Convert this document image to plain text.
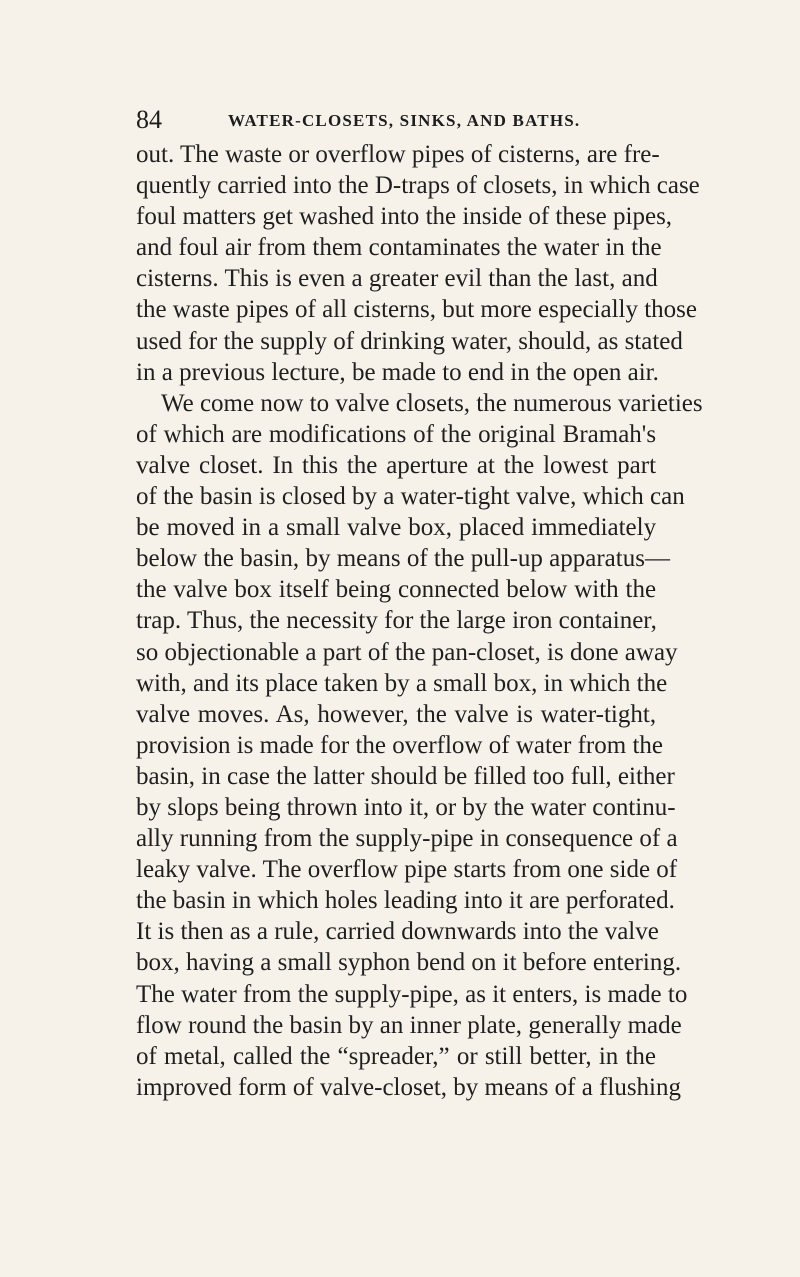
84	WATER-CLOSETS, SINKS, AND BATHS.
out. The waste or overflow pipes of cisterns, are fre-
quently carried into the D-traps of closets, in which case
foul matters get washed into the inside of these pipes,
and foul air from them contaminates the water in the
cisterns. This is even a greater evil than the last, and
the waste pipes of all cisterns, but more especially those
used for the supply of drinking water, should, as stated
in a previous lecture, be made to end in the open air.
We come now to valve closets, the numerous varieties
of which are modifications of the original Bramah's
valve closet. In this the aperture at the lowest part
of the basin is closed by a water-tight valve, which can
be moved in a small valve box, placed immediately
below the basin, by means of the pull-up apparatus—
the valve box itself being connected below with the
trap. Thus, the necessity for the large iron container,
so objectionable a part of the pan-closet, is done away
with, and its place taken by a small box, in which the
valve moves. As, however, the valve is water-tight,
provision is made for the overflow of water from the
basin, in case the latter should be filled too full, either
by slops being thrown into it, or by the water continu-
ally running from the supply-pipe in consequence of a
leaky valve. The overflow pipe starts from one side of
the basin in which holes leading into it are perforated.
It is then as a rule, carried downwards into the valve
box, having a small syphon bend on it before entering.
The water from the supply-pipe, as it enters, is made to
flow round the basin by an inner plate, generally made
of metal, called the “spreader,” or still better, in the
improved form of valve-closet, by means of a flushing
